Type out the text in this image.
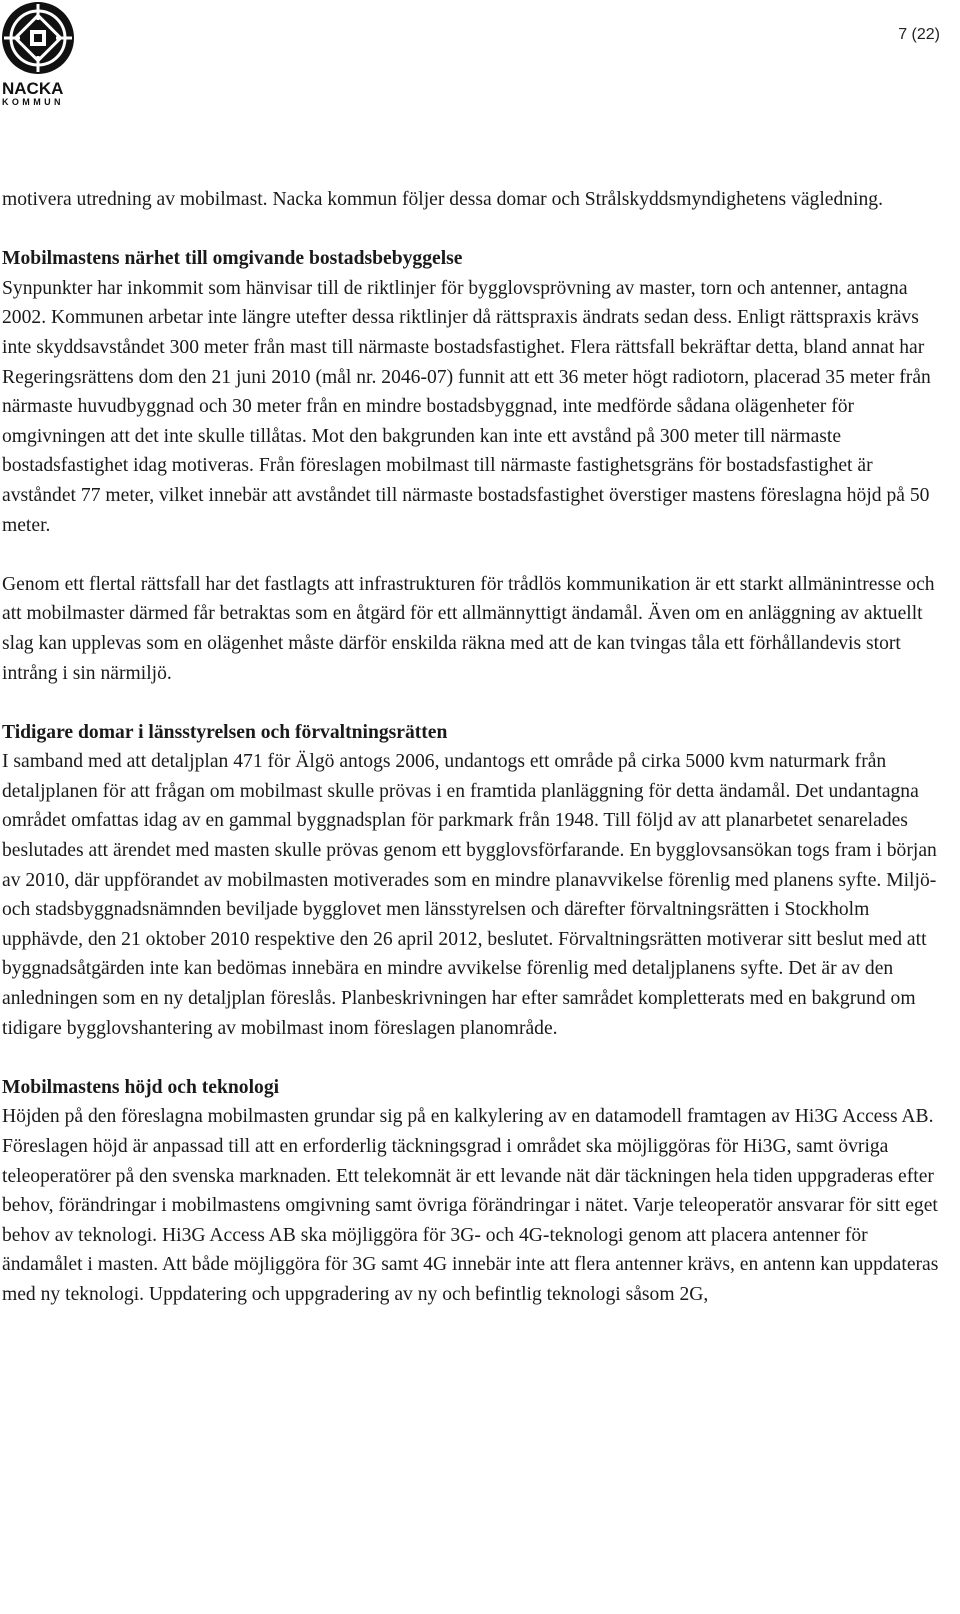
NACKA
KOMMUN
7 (22)

motivera utredning av mobilmast. Nacka kommun följer dessa domar och Strålskyddsmyndighetens vägledning.

Mobilmastens närhet till omgivande bostadsbebyggelse

Synpunkter har inkommit som hänvisar till de riktlinjer för bygglovsprövning av master, torn och antenner, antagna 2002. Kommunen arbetar inte längre utefter dessa riktlinjer då rättspraxis ändrats sedan dess. Enligt rättspraxis krävs inte skyddsavståndet 300 meter från mast till närmaste bostadsfastighet. Flera rättsfall bekräftar detta, bland annat har Regeringsrättens dom den 21 juni 2010 (mål nr. 2046-07) funnit att ett 36 meter högt radiotorn, placerad 35 meter från närmaste huvudbyggnad och 30 meter från en mindre bostadsbyggnad, inte medförde sådana olägenheter för omgivningen att det inte skulle tillåtas. Mot den bakgrunden kan inte ett avstånd på 300 meter till närmaste bostadsfastighet idag motiveras. Från föreslagen mobilmast till närmaste fastighetsgräns för bostadsfastighet är avståndet 77 meter, vilket innebär att avståndet till närmaste bostadsfastighet överstiger mastens föreslagna höjd på 50 meter.

Genom ett flertal rättsfall har det fastlagts att infrastrukturen för trådlös kommunikation är ett starkt allmänintresse och att mobilmaster därmed får betraktas som en åtgärd för ett allmännyttigt ändamål. Även om en anläggning av aktuellt slag kan upplevas som en olägenhet måste därför enskilda räkna med att de kan tvingas tåla ett förhållandevis stort intrång i sin närmiljö.

Tidigare domar i länsstyrelsen och förvaltningsrätten

I samband med att detaljplan 471 för Älgö antogs 2006, undantogs ett område på cirka 5000 kvm naturmark från detaljplanen för att frågan om mobilmast skulle prövas i en framtida planläggning för detta ändamål. Det undantagna området omfattas idag av en gammal byggnadsplan för parkmark från 1948. Till följd av att planarbetet senarelades beslutades att ärendet med masten skulle prövas genom ett bygglovsförfarande. En bygglovsansökan togs fram i början av 2010, där uppförandet av mobilmasten motiverades som en mindre planavvikelse förenlig med planens syfte. Miljö- och stadsbyggnadsnämnden beviljade bygglovet men länsstyrelsen och därefter förvaltningsrätten i Stockholm upphävde, den 21 oktober 2010 respektive den 26 april 2012, beslutet. Förvaltningsrätten motiverar sitt beslut med att byggnadsåtgärden inte kan bedömas innebära en mindre avvikelse förenlig med detaljplanens syfte. Det är av den anledningen som en ny detaljplan föreslås. Planbeskrivningen har efter samrådet kompletterats med en bakgrund om tidigare bygglovshantering av mobilmast inom föreslagen planområde.

Mobilmastens höjd och teknologi

Höjden på den föreslagna mobilmasten grundar sig på en kalkylering av en datamodell framtagen av Hi3G Access AB. Föreslagen höjd är anpassad till att en erforderlig täckningsgrad i området ska möjliggöras för Hi3G, samt övriga teleoperatörer på den svenska marknaden. Ett telekomnät är ett levande nät där täckningen hela tiden uppgraderas efter behov, förändringar i mobilmastens omgivning samt övriga förändringar i nätet. Varje teleoperatör ansvarar för sitt eget behov av teknologi. Hi3G Access AB ska möjliggöra för 3G- och 4G-teknologi genom att placera antenner för ändamålet i masten. Att både möjliggöra för 3G samt 4G innebär inte att flera antenner krävs, en antenn kan uppdateras med ny teknologi. Uppdatering och uppgradering av ny och befintlig teknologi såsom 2G,
